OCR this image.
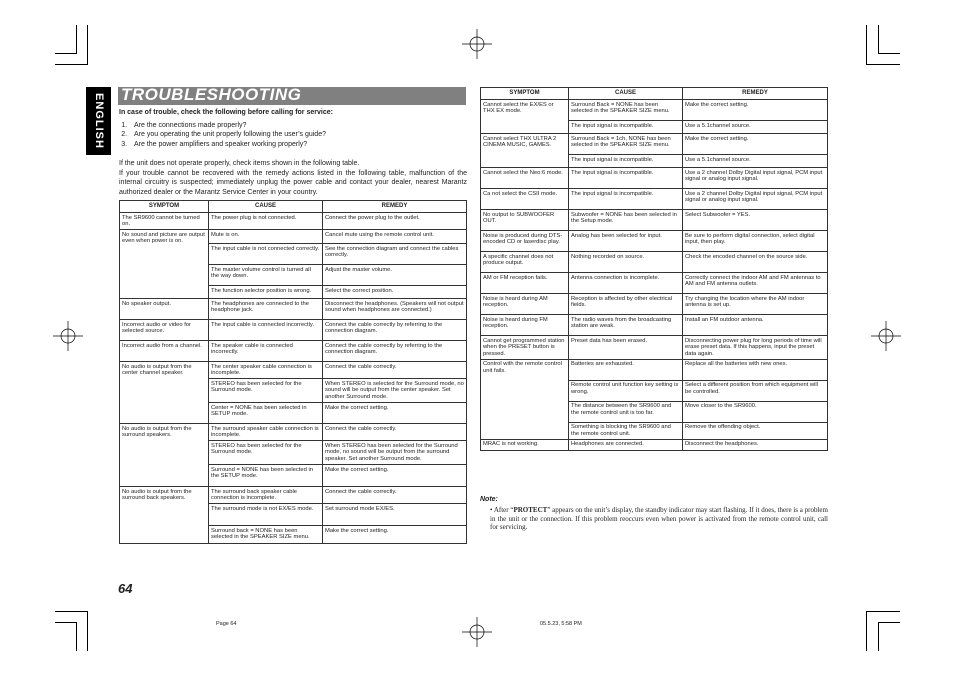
ENGLISH TROUBLESHOOTING
In case of trouble, check the following before calling for service:
1. Are the connections made properly?
2. Are you operating the unit properly following the user’s guide?
3. Are the power amplifiers and speaker working properly?

If the unit does not operate properly, check items shown in the following table.

If your trouble cannot be recovered with the remedy actions listed in the following table, malfunction of the internal circuitry is suspected; immediately unplug the power cable and contact your dealer, nearest Marantz authorized dealer or the Marantz Service Center in your country.

SYMPTOM	CAUSE	REMEDY
The SR9600 cannot be turned on.	The power plug is not connected.	Connect the power plug to the outlet.
No sound and picture are output even when power is on.	Mute is on.	Cancel mute using the remote control unit.
	The input cable is not connected correctly.	See the connection diagram and connect the cables correctly.
	The master volume control is turned all the way down.	Adjust the master volume.
	The function selector position is wrong.	Select the correct position.
No speaker output.	The headphones are connected to the headphone jack.	Disconnect the headphones. (Speakers will not output sound when headphones are connected.)
Incorrect audio or video for selected source.	The input cable is connected incorrectly.	Connect the cable correctly by referring to the connection diagram.
Incorrect audio from a channel.	The speaker cable is connected incorrectly.	Connect the cable correctly by referring to the connection diagram.
No audio is output from the center channel speaker.	The center speaker cable connection is incomplete.	Connect the cable correctly.
	STEREO has been selected for the Surround mode.	When STEREO is selected for the Surround mode, no sound will be output from the center speaker. Set another Surround mode.
	Center = NONE has been selected in SETUP mode.	Make the correct setting.
No audio is output from the surround speakers.	The surround speaker cable connection is incomplete.	Connect the cable correctly.
	STEREO has been selected for the Surround mode.	When STEREO has been selected for the Surround mode, no sound will be output from the surround speaker. Set another Surround mode.
	Surround = NONE has been selected in the SETUP mode.	Make the correct setting.
No audio is output from the surround back speakers.	The surround back speaker cable connection is incomplete.	Connect the cable correctly.
	The surround mode is not EX/ES mode.	Set surround mode EX/ES.
	Surround back = NONE has been selected in the SPEAKER SIZE menu.	Make the correct setting.
SYMPTOM	CAUSE	REMEDY
Cannot select the EX/ES or THX EX mode.	Surround Back = NONE has been selected in the SPEAKER SIZE menu.	Make the correct setting.
	The input signal is incompatible.	Use a 5.1channel source.
Cannot select THX ULTRA 2 CINEMA MUSIC, GAMES.	Surround Back = 1ch, NONE has been selected in the SPEAKER SIZE menu.	Make the correct setting.
	The input signal is incompatible.	Use a 5.1channel source.
Cannot select the Neo:6 mode.	The input signal is incompatible.	Use a 2 channel Dolby Digital input signal, PCM input signal or analog input signal.
Ca not select the CSII mode.	The input signal is incompatible.	Use a 2 channel Dolby Digital input signal, PCM input signal or analog input signal.
No output to SUBWOOFER OUT.	Subwoofer = NONE has been selected in the Setup mode.	Select Subwoofer = YES.
Noise is produced during DTS-encoded CD or laserdisc play.	Analog has been selected for input.	Be sure to perform digital connection, select digital input, then play.
A specific channel does not produce output.	Nothing recorded on source.	Check the encoded channel on the source side.
AM or FM reception fails.	Antenna connection is incomplete.	Correctly connect the indoor AM and FM antennas to AM and FM antenna outlets.
Noise is heard during AM reception.	Reception is affected by other electrical fields.	Try changing the location where the AM indoor antenna is set up.
Noise is heard during FM reception.	The radio waves from the broadcasting station are weak.	Install an FM outdoor antenna.
Cannot get programmed station when the PRESET button is pressed.	Preset data has been erased.	Disconnecting power plug for long periods of time will erase preset data. If this happens, input the preset data again.
Control with the remote control unit fails.	Batteries are exhausted.	Replace all the batteries with new ones.
	Remote control unit function key setting is wrong.	Select a different position from which equipment will be controlled.
	The distance between the SR9600 and the remote control unit is too far.	Move closer to the SR9600.
	Something is blocking the SR9600 and the remote control unit.	Remove the offending object.
MRAC is not working.	Headphones are connected.	Disconnect the headphones.
Note:
• After “PROTECT” appears on the unit’s display, the standby indicator may start flashing. If it does, there is a problem in the unit or the connection. If this problem reoccurs even when power is activated from the remote control unit, call for servicing.
64
Page 64	05.5.23, 5:58 PM
